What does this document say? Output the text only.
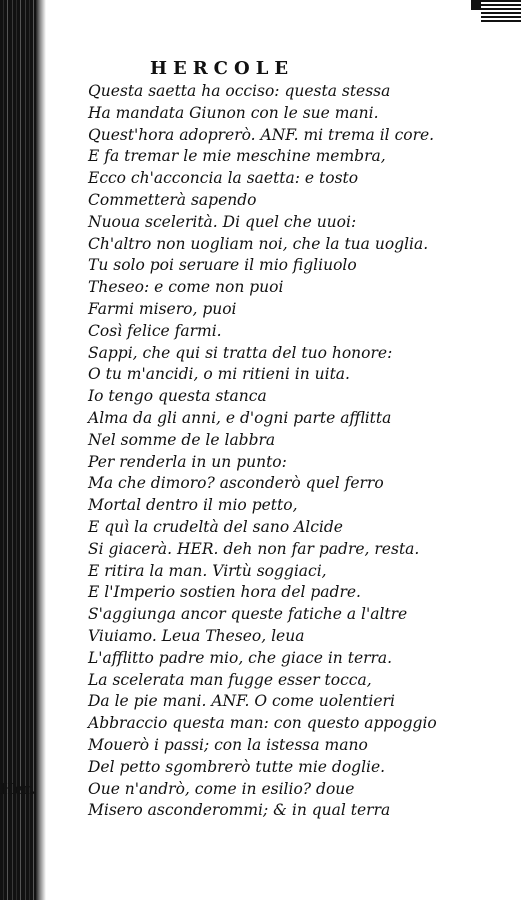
HERCOLE
Questa saetta ha occiso: questa stessa
Ha mandata Giunon con le sue mani.
Quest'hora adoprerò. ANF. mi trema il core.
E fa tremar le mie meschine membra,
Ecco ch'acconcia la saetta: e tosto
Commetterà sapendo
Nuoua scelerità. Di quel che uuoi:
Ch'altro non uogliam noi, che la tua uoglia.
Tu solo poi seruare il mio figliuolo
Theseo: e come non puoi
Farmi misero, puoi
Così felice farmi.
Sappi, che qui si tratta del tuo honore:
O tu m'ancidi, o mi ritieni in uita.
Io tengo questa stanca
Alma da gli anni, e d'ogni parte afflitta
Nel somme de le labbra
Per renderla in un punto:
Ma che dimoro? asconderò quel ferro
Mortal dentro il mio petto,
E quì la crudeltà del sano Alcide
Si giacerà. HER. deh non far padre, resta.
E ritira la man. Virtù soggiaci,
E l'Imperio sostien hora del padre.
S'aggiunga ancor queste fatiche a l'altre
Viuiamo. Leua Theseo, leua
L'afflitto padre mio, che giace in terra.
La scelerata man fugge esser tocca,
Da le pie mani. ANF. O come uolentieri
Abbraccio questa man: con questo appoggio
Mouerò i passi; con la istessa mano
Del petto sgombrerò tutte mie doglie.
Her.	Oue n'andrò, come in esilio? doue
Misero asconderommi; & in qual terra
